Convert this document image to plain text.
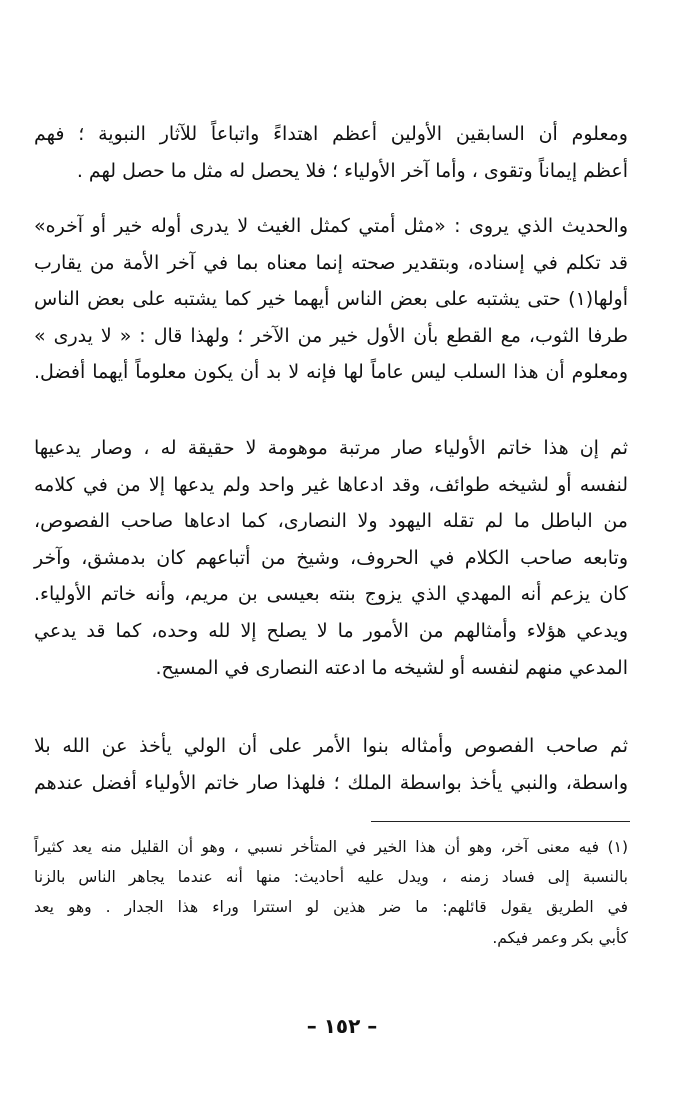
ومعلوم أن السابقين الأولين أعظم اهتداءً واتباعاً للآثار النبوية ؛ فهم
أعظم إيماناً وتقوى ، وأما آخر الأولياء ؛ فلا يحصل له مثل ما حصل لهم .
والحديث الذي يروى : «مثل أمتي كمثل الغيث لا يدرى أوله خير أو آخره»
قد تكلم في إسناده، وبتقدير صحته إنما معناه بما في آخر الأمة من يقارب
أولها(١) حتى يشتبه على بعض الناس أيهما خير كما يشتبه على بعض الناس
طرفا الثوب، مع القطع بأن الأول خير من الآخر ؛ ولهذا قال : « لا يدرى »
ومعلوم أن هذا السلب ليس عاماً لها فإنه لا بد أن يكون معلوماً أيهما أفضل.
ثم إن هذا خاتم الأولياء صار مرتبة موهومة لا حقيقة له ، وصار يدعيها
لنفسه أو لشيخه طوائف، وقد ادعاها غير واحد ولم يدعها إلا من في كلامه
من الباطل ما لم تقله اليهود ولا النصارى، كما ادعاها صاحب الفصوص،
وتابعه صاحب الكلام في الحروف، وشيخ من أتباعهم كان بدمشق، وآخر
كان يزعم أنه المهدي الذي يزوج بنته بعيسى بن مريم، وأنه خاتم الأولياء.
ويدعي هؤلاء وأمثالهم من الأمور ما لا يصلح إلا لله وحده، كما قد يدعي
المدعي منهم لنفسه أو لشيخه ما ادعته النصارى في المسيح.
ثم صاحب الفصوص وأمثاله بنوا الأمر على أن الولي يأخذ عن الله بلا
واسطة، والنبي يأخذ بواسطة الملك ؛ فلهذا صار خاتم الأولياء أفضل عندهم
(١) فيه معنى آخر، وهو أن هذا الخير في المتأخر نسبي ، وهو أن القليل منه يعد كثيراً
بالنسبة إلى فساد زمنه ، ويدل عليه أحاديث: منها أنه عندما يجاهر الناس بالزنا
في الطريق يقول قائلهم: ما ضر هذين لو استترا وراء هذا الجدار . وهو يعد
كأبي بكر وعمر فيكم.
– ١٥٢ –
